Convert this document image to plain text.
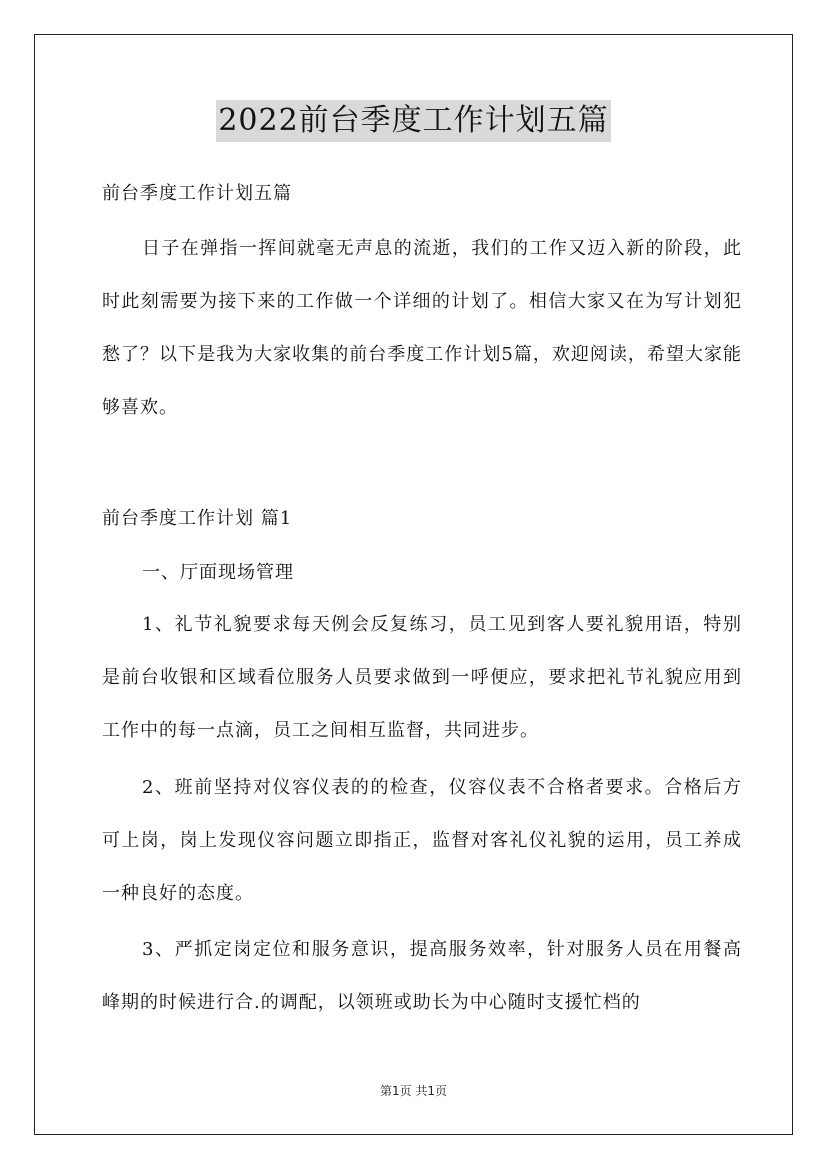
2022前台季度工作计划五篇

前台季度工作计划五篇

日子在弹指一挥间就毫无声息的流逝，我们的工作又迈入新的阶段，此时此刻需要为接下来的工作做一个详细的计划了。相信大家又在为写计划犯愁了？以下是我为大家收集的前台季度工作计划5篇，欢迎阅读，希望大家能够喜欢。

前台季度工作计划 篇1

一、厅面现场管理

1、礼节礼貌要求每天例会反复练习，员工见到客人要礼貌用语，特别是前台收银和区域看位服务人员要求做到一呼便应，要求把礼节礼貌应用到工作中的每一点滴，员工之间相互监督，共同进步。

2、班前坚持对仪容仪表的的检查，仪容仪表不合格者要求。合格后方可上岗，岗上发现仪容问题立即指正，监督对客礼仪礼貌的运用，员工养成一种良好的态度。

3、严抓定岗定位和服务意识，提高服务效率，针对服务人员在用餐高峰期的时候进行合.的调配，以领班或助长为中心随时支援忙档的

第1页 共1页
